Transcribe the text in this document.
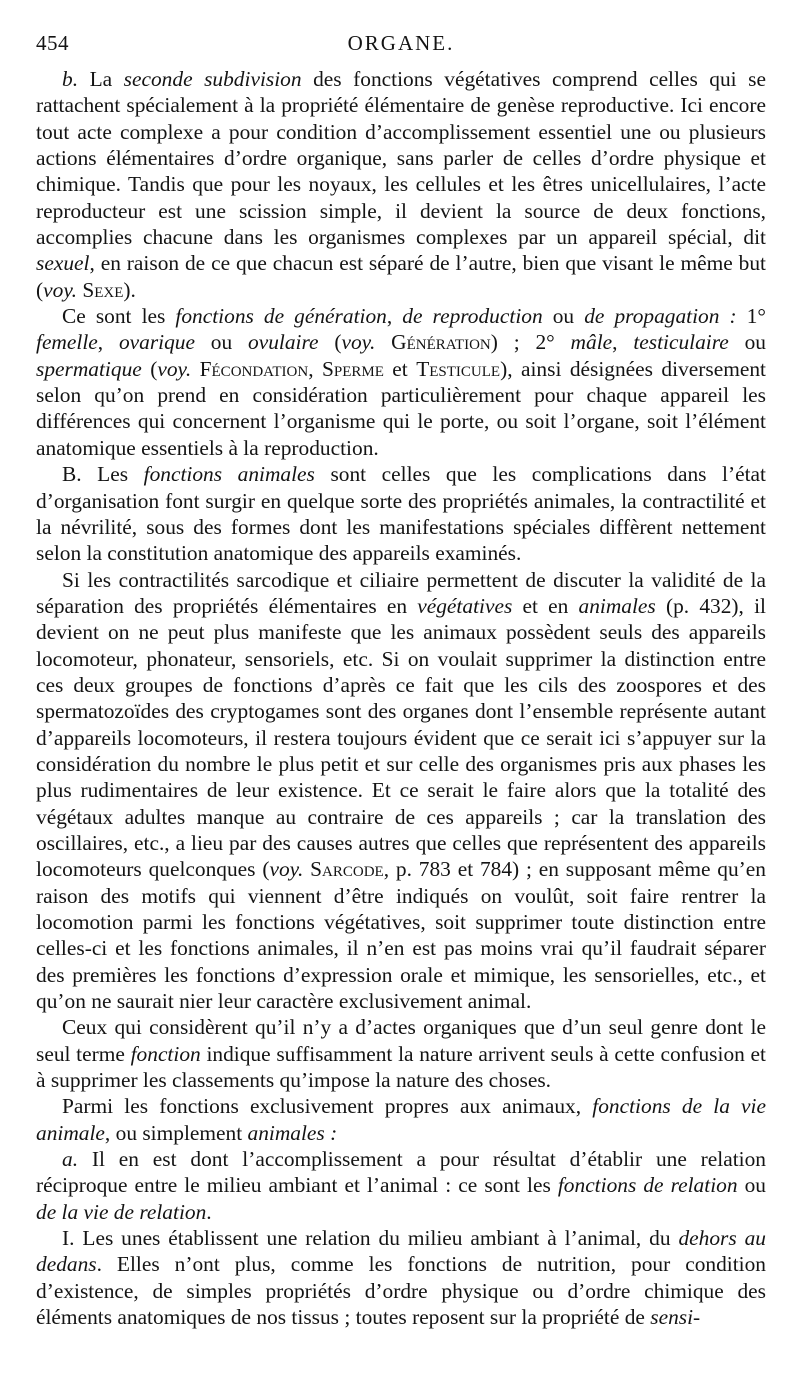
454	ORGANE.

b. La seconde subdivision des fonctions végétatives comprend celles qui se rattachent spécialement à la propriété élémentaire de genèse reproductive. Ici encore tout acte complexe a pour condition d’accomplissement essentiel une ou plusieurs actions élémentaires d’ordre organique, sans parler de celles d’ordre physique et chimique. Tandis que pour les noyaux, les cellules et les êtres unicellulaires, l’acte reproducteur est une scission simple, il devient la source de deux fonctions, accomplies chacune dans les organismes complexes par un appareil spécial, dit sexuel, en raison de ce que chacun est séparé de l’autre, bien que visant le même but (voy. Sexe).

Ce sont les fonctions de génération, de reproduction ou de propagation : 1° femelle, ovarique ou ovulaire (voy. Génération) ; 2° mâle, testiculaire ou spermatique (voy. Fécondation, Sperme et Testicule), ainsi désignées diversement selon qu’on prend en considération particulièrement pour chaque appareil les différences qui concernent l’organisme qui le porte, ou soit l’organe, soit l’élément anatomique essentiels à la reproduction.

B. Les fonctions animales sont celles que les complications dans l’état d’organisation font surgir en quelque sorte des propriétés animales, la contractilité et la névrilité, sous des formes dont les manifestations spéciales diffèrent nettement selon la constitution anatomique des appareils examinés.

Si les contractilités sarcodique et ciliaire permettent de discuter la validité de la séparation des propriétés élémentaires en végétatives et en animales (p. 432), il devient on ne peut plus manifeste que les animaux possèdent seuls des appareils locomoteur, phonateur, sensoriels, etc. Si on voulait supprimer la distinction entre ces deux groupes de fonctions d’après ce fait que les cils des zoospores et des spermatozoïdes des cryptogames sont des organes dont l’ensemble représente autant d’appareils locomoteurs, il restera toujours évident que ce serait ici s’appuyer sur la considération du nombre le plus petit et sur celle des organismes pris aux phases les plus rudimentaires de leur existence. Et ce serait le faire alors que la totalité des végétaux adultes manque au contraire de ces appareils ; car la translation des oscillaires, etc., a lieu par des causes autres que celles que représentent des appareils locomoteurs quelconques (voy. Sarcode, p. 783 et 784) ; en supposant même qu’en raison des motifs qui viennent d’être indiqués on voulût, soit faire rentrer la locomotion parmi les fonctions végétatives, soit supprimer toute distinction entre celles-ci et les fonctions animales, il n’en est pas moins vrai qu’il faudrait séparer des premières les fonctions d’expression orale et mimique, les sensorielles, etc., et qu’on ne saurait nier leur caractère exclusivement animal.

Ceux qui considèrent qu’il n’y a d’actes organiques que d’un seul genre dont le seul terme fonction indique suffisamment la nature arrivent seuls à cette confusion et à supprimer les classements qu’impose la nature des choses.

Parmi les fonctions exclusivement propres aux animaux, fonctions de la vie animale, ou simplement animales :

a. Il en est dont l’accomplissement a pour résultat d’établir une relation réciproque entre le milieu ambiant et l’animal : ce sont les fonctions de relation ou de la vie de relation.

I. Les unes établissent une relation du milieu ambiant à l’animal, du dehors au dedans. Elles n’ont plus, comme les fonctions de nutrition, pour condition d’existence, de simples propriétés d’ordre physique ou d’ordre chimique des éléments anatomiques de nos tissus ; toutes reposent sur la propriété de sensi-
